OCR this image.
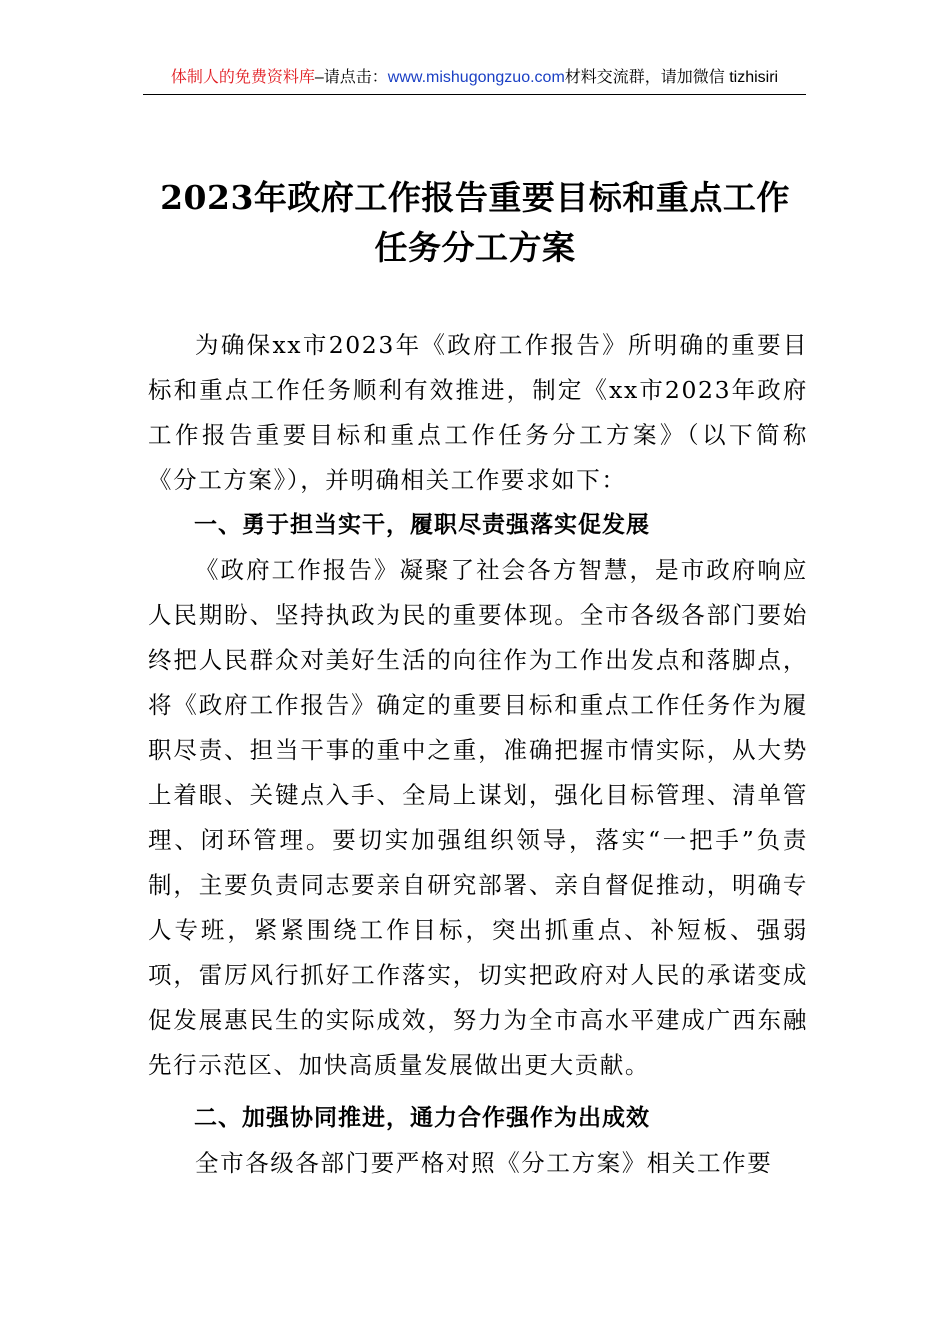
体制人的免费资料库–请点击：www.mishugongzuo.com材料交流群，请加微信 tizhisiri
2023年政府工作报告重要目标和重点工作
任务分工方案

为确保xx市2023年《政府工作报告》所明确的重要目标和重点工作任务顺利有效推进，制定《xx市2023年政府工作报告重要目标和重点工作任务分工方案》（以下简称《分工方案》），并明确相关工作要求如下：

一、勇于担当实干，履职尽责强落实促发展

《政府工作报告》凝聚了社会各方智慧，是市政府响应人民期盼、坚持执政为民的重要体现。全市各级各部门要始终把人民群众对美好生活的向往作为工作出发点和落脚点，将《政府工作报告》确定的重要目标和重点工作任务作为履职尽责、担当干事的重中之重，准确把握市情实际，从大势上着眼、关键点入手、全局上谋划，强化目标管理、清单管理、闭环管理。要切实加强组织领导，落实“一把手”负责制，主要负责同志要亲自研究部署、亲自督促推动，明确专人专班，紧紧围绕工作目标，突出抓重点、补短板、强弱项，雷厉风行抓好工作落实，切实把政府对人民的承诺变成促发展惠民生的实际成效，努力为全市高水平建成广西东融先行示范区、加快高质量发展做出更大贡献。

二、加强协同推进，通力合作强作为出成效

全市各级各部门要严格对照《分工方案》相关工作要
